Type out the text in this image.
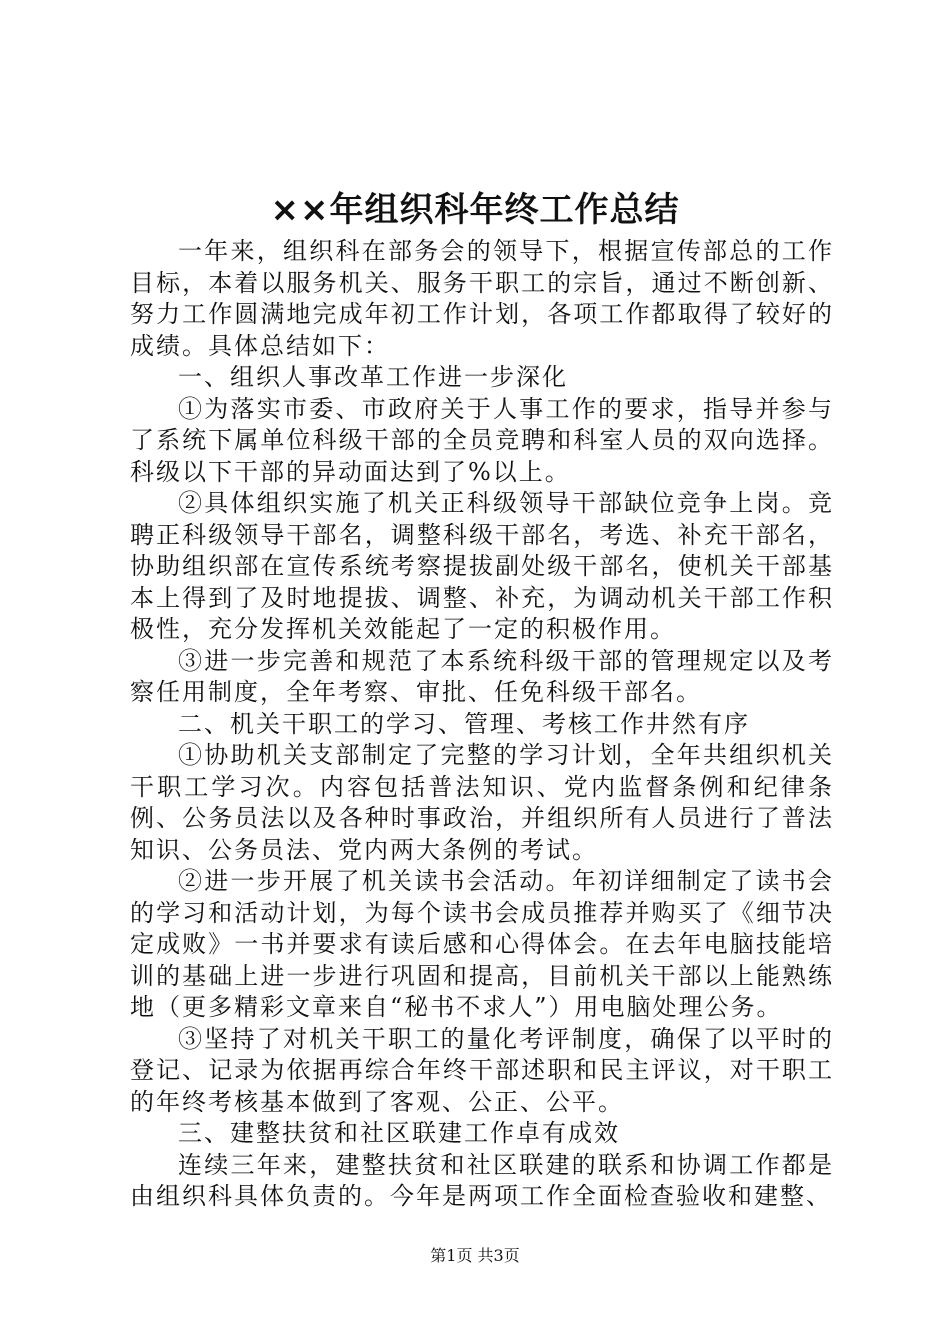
××年组织科年终工作总结

一年来，组织科在部务会的领导下，根据宣传部总的工作目标，本着以服务机关、服务干职工的宗旨，通过不断创新、努力工作圆满地完成年初工作计划，各项工作都取得了较好的成绩。具体总结如下：

一、组织人事改革工作进一步深化

①为落实市委、市政府关于人事工作的要求，指导并参与了系统下属单位科级干部的全员竞聘和科室人员的双向选择。科级以下干部的异动面达到了%以上。

②具体组织实施了机关正科级领导干部缺位竞争上岗。竞聘正科级领导干部名，调整科级干部名，考选、补充干部名，协助组织部在宣传系统考察提拔副处级干部名，使机关干部基本上得到了及时地提拔、调整、补充，为调动机关干部工作积极性，充分发挥机关效能起了一定的积极作用。

③进一步完善和规范了本系统科级干部的管理规定以及考察任用制度，全年考察、审批、任免科级干部名。

二、机关干职工的学习、管理、考核工作井然有序

①协助机关支部制定了完整的学习计划，全年共组织机关干职工学习次。内容包括普法知识、党内监督条例和纪律条例、公务员法以及各种时事政治，并组织所有人员进行了普法知识、公务员法、党内两大条例的考试。

②进一步开展了机关读书会活动。年初详细制定了读书会的学习和活动计划，为每个读书会成员推荐并购买了《细节决定成败》一书并要求有读后感和心得体会。在去年电脑技能培训的基础上进一步进行巩固和提高，目前机关干部以上能熟练地（更多精彩文章来自“秘书不求人”）用电脑处理公务。

③坚持了对机关干职工的量化考评制度，确保了以平时的登记、记录为依据再综合年终干部述职和民主评议，对干职工的年终考核基本做到了客观、公正、公平。

三、建整扶贫和社区联建工作卓有成效

连续三年来，建整扶贫和社区联建的联系和协调工作都是由组织科具体负责的。今年是两项工作全面检查验收和建整、

第1页 共3页
